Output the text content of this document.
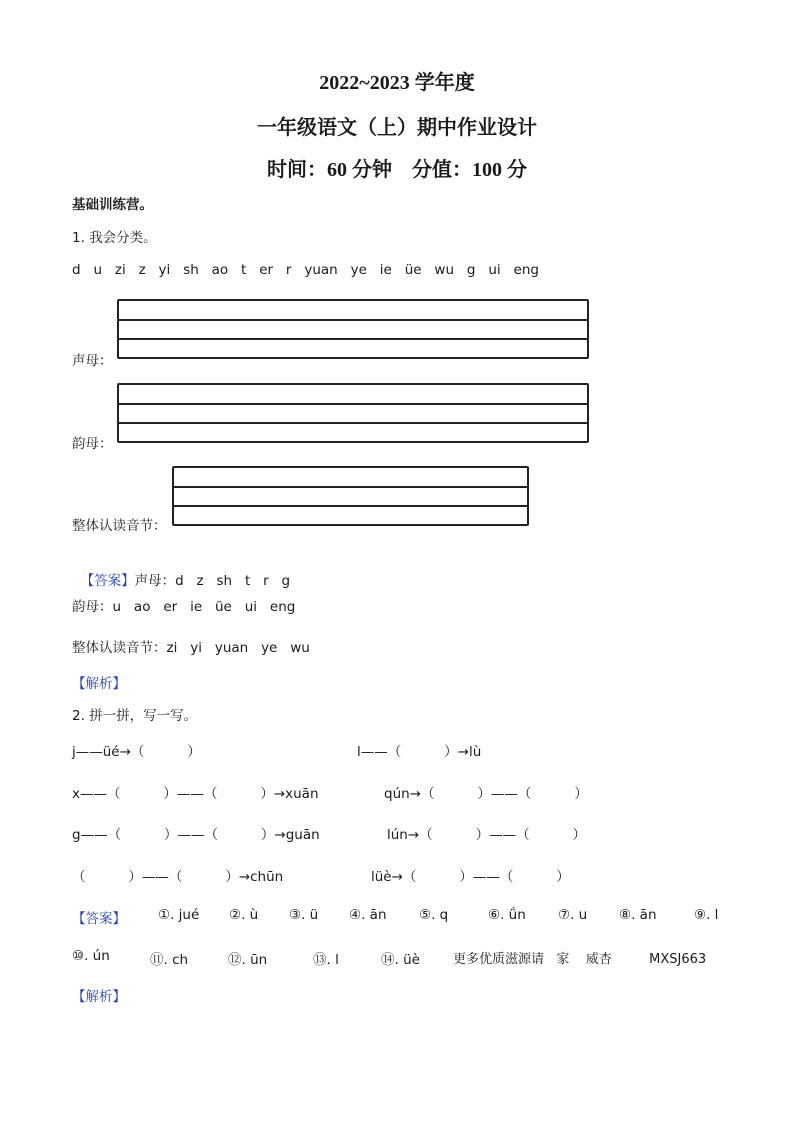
2022~2023 学年度
一年级语文（上）期中作业设计
时间：60 分钟    分值：100 分
基础训练营。
1. 我会分类。
d   u   zi   z   yi   sh   ao   t   er   r   yuan   ye   ie   üe   wu   g   ui   eng
声母：
韵母：
整体认读音节：

【答案】声母：d   z   sh   t   r   g

韵母：u   ao   er   ie   üe   ui   eng
整体认读音节：zi   yi   yuan   ye   wu
【解析】
2. 拼一拼，写一写。
j——üé→（          ）	l——（          ）→lù
x——（          ）——（          ）→xuān	qún→（          ）——（          ）
g——（          ）——（          ）→guān	lún→（          ）——（          ）
（          ）——（          ）→chūn	lüè→（          ）——（          ）
【答案】 ①. jué ②. ù ③. ü ④. ān ⑤. q	⑥. ǘn ⑦. u ⑧. ān	⑨. l
⑩. ún	⑪. ch	⑫. ūn	⑬. l	⑭. üè	更多优质滋源请   家    威杏         MXSJ663
【解析】
